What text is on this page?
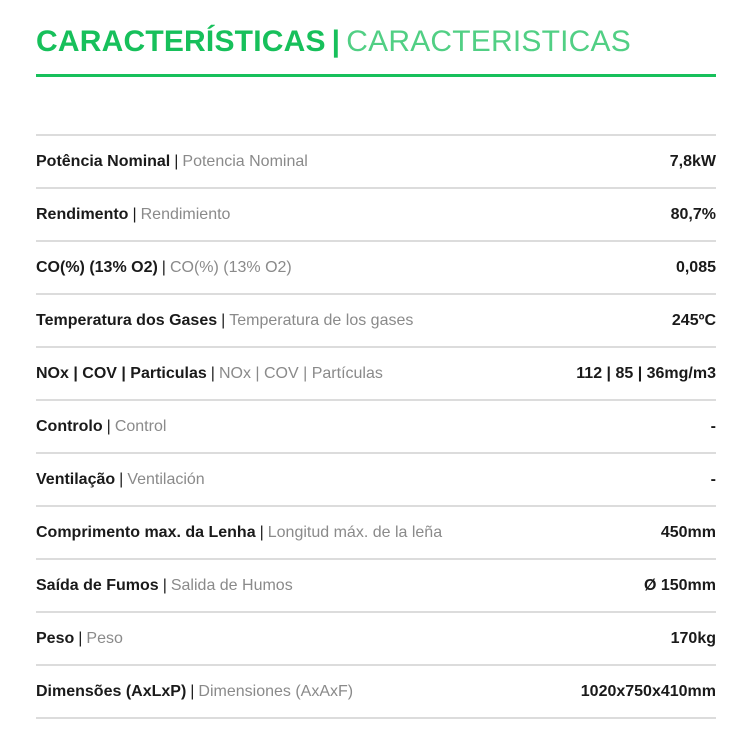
CARACTERÍSTICAS | CARACTERISTICAS
Potência Nominal | Potencia Nominal	7,8kW
Rendimento | Rendimiento	80,7%
CO(%) (13% O2) | CO(%) (13% O2)	0,085
Temperatura dos Gases | Temperatura de los gases	245ºC
NOx | COV | Particulas | NOx | COV | Partículas	112 | 85 | 36mg/m3
Controlo | Control	-
Ventilação | Ventilación	-
Comprimento max. da Lenha | Longitud máx. de la leña	450mm
Saída de Fumos | Salida de Humos	Ø 150mm
Peso | Peso	170kg
Dimensões (AxLxP) | Dimensiones (AxAxF)	1020x750x410mm
